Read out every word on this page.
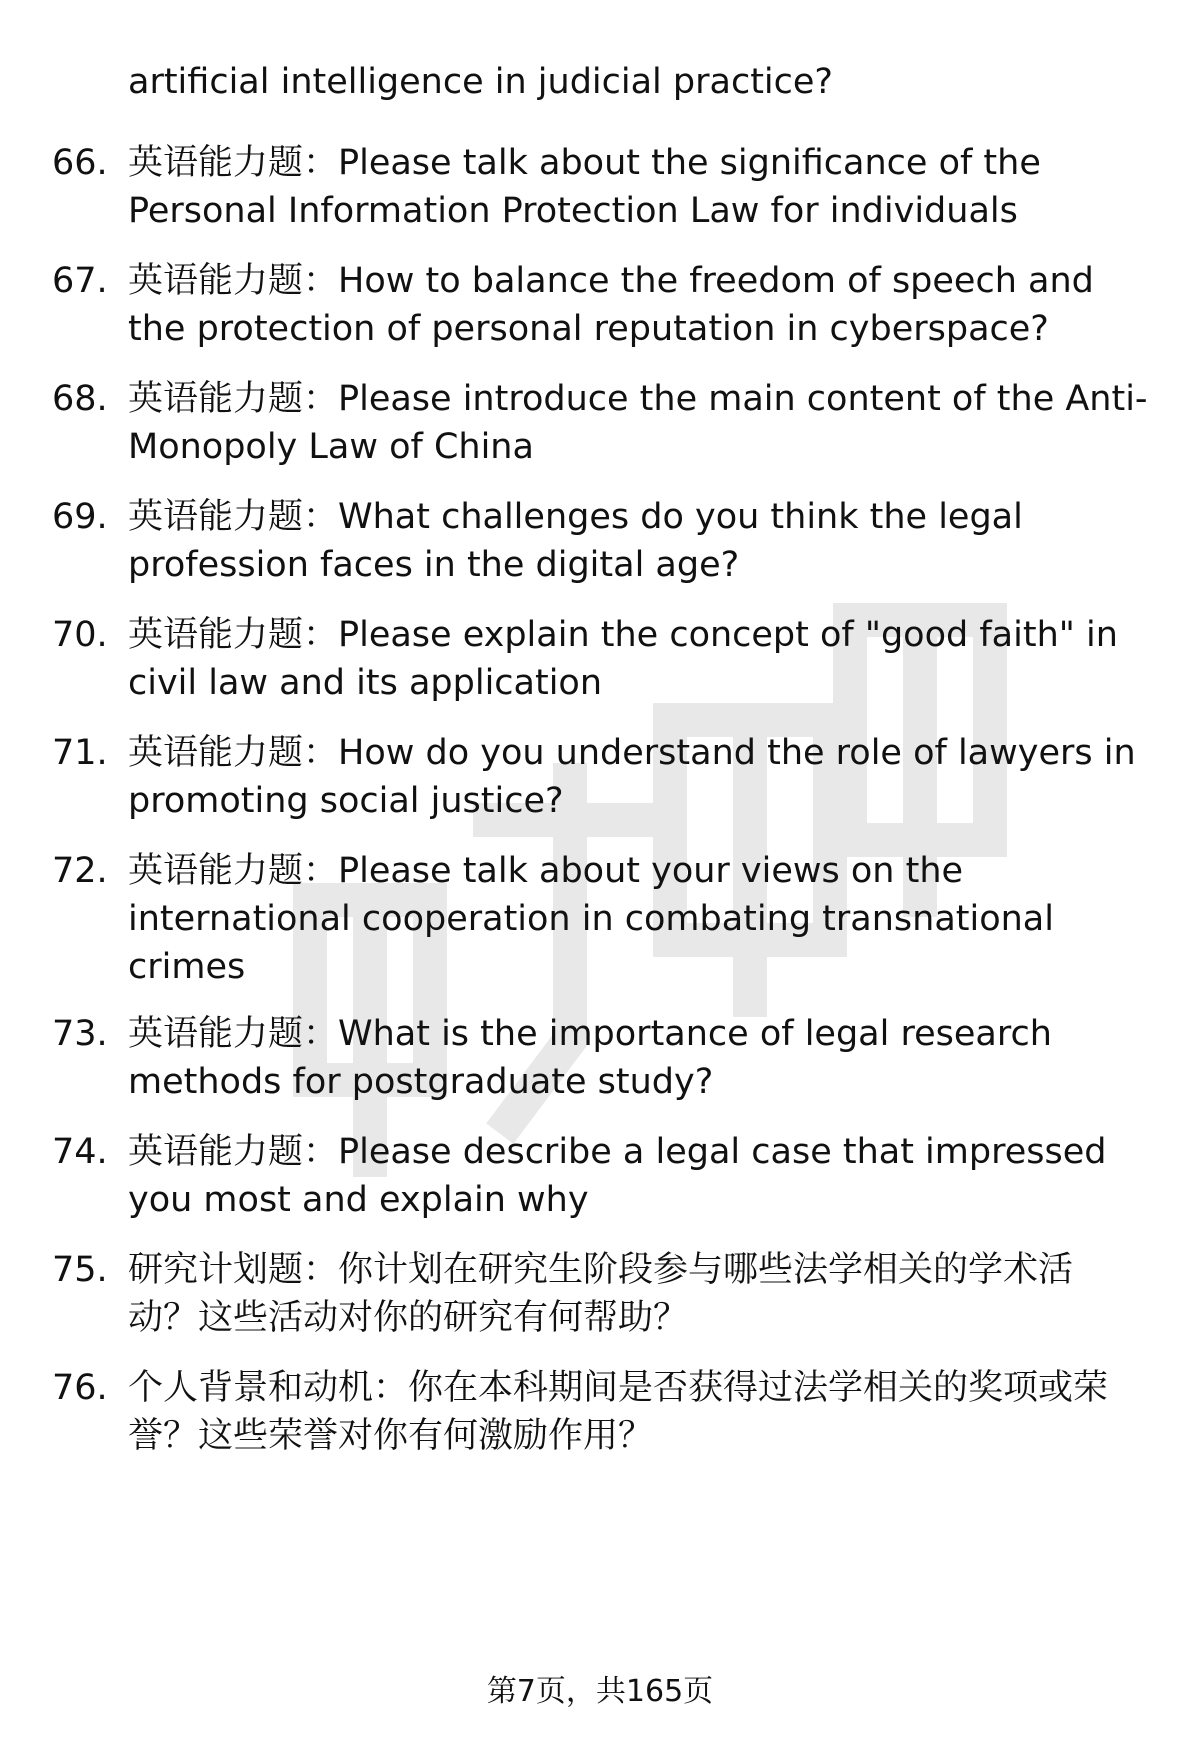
artificial intelligence in judicial practice?
66. 英语能力题：Please talk about the significance of the
Personal Information Protection Law for individuals
67. 英语能力题：How to balance the freedom of speech and
the protection of personal reputation in cyberspace?
68. 英语能力题：Please introduce the main content of the Anti-
Monopoly Law of China
69. 英语能力题：What challenges do you think the legal
profession faces in the digital age?
70. 英语能力题：Please explain the concept of "good faith" in
civil law and its application
71. 英语能力题：How do you understand the role of lawyers in
promoting social justice?
72. 英语能力题：Please talk about your views on the
international cooperation in combating transnational
crimes
73. 英语能力题：What is the importance of legal research
methods for postgraduate study?
74. 英语能力题：Please describe a legal case that impressed
you most and explain why
75. 研究计划题：你计划在研究生阶段参与哪些法学相关的学术活
动？这些活动对你的研究有何帮助？
76. 个人背景和动机：你在本科期间是否获得过法学相关的奖项或荣
誉？这些荣誉对你有何激励作用？
第7页，共165页
